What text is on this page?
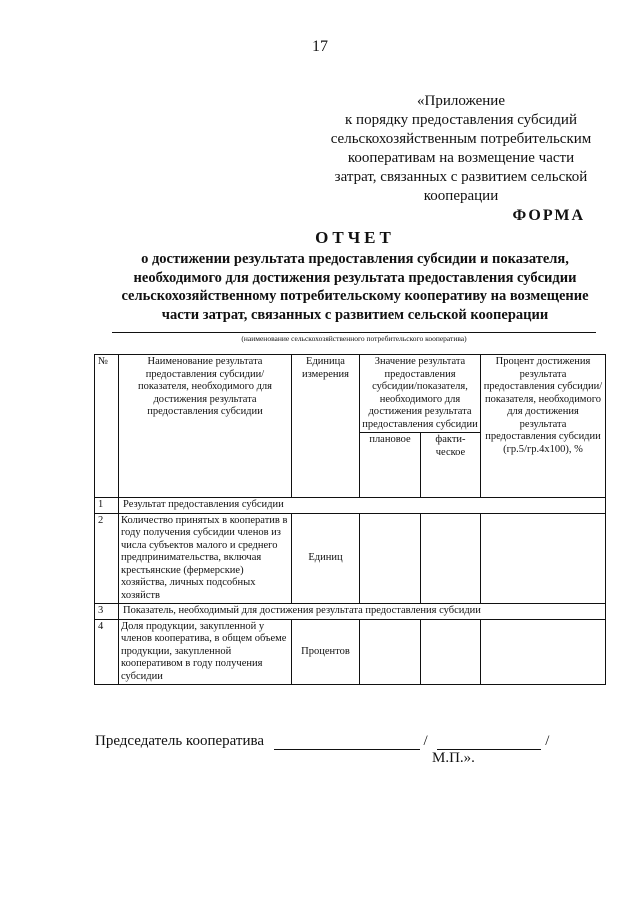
17
«Приложение
к порядку предоставления субсидий
сельскохозяйственным потребительским
кооперативам на возмещение части
затрат, связанных с развитием сельской
кооперации
ФОРМА
ОТЧЕТ
о достижении результата предоставления субсидии и показателя,
необходимого для достижения результата предоставления субсидии
сельскохозяйственному потребительскому кооперативу на возмещение
части затрат, связанных с развитием сельской кооперации
(наименование сельскохозяйственного потребительского кооператива)
№	Наименование результата предоставления субсидии/ показателя, необходимого для достижения результата предоставления субсидии	Единица измерения	Значение результата предоставления субсидии/показателя, необходимого для достижения результата предоставления субсидии		Процент достижения результата предоставления субсидии/ показателя, необходимого для достижения результата предоставления субсидии (гр.5/гр.4х100), %
			плановое	факти-ческое	
1	Результат предоставления субсидии				
2	Количество принятых в кооператив в году получения субсидии членов из числа субъектов малого и среднего предпринимательства, включая крестьянские (фермерские) хозяйства, личных подсобных хозяйств	Единиц			
3	Показатель, необходимый для достижения результата предоставления субсидии				
4	Доля продукции, закупленной у членов кооператива, в общем объеме продукции, закупленной кооперативом в году получения субсидии	Процентов			
Председатель кооператива	/	/
М.П.».
